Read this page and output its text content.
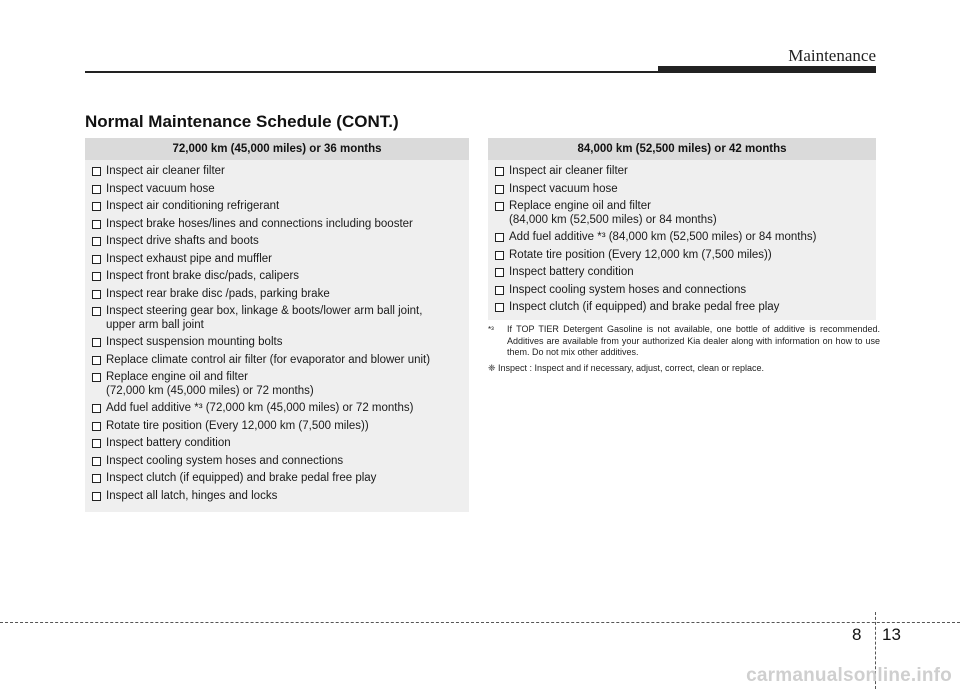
Maintenance
Normal Maintenance Schedule (CONT.)
72,000 km (45,000 miles) or 36 months
Inspect air cleaner filter
Inspect vacuum hose
Inspect air conditioning refrigerant
Inspect brake hoses/lines and connections including booster
Inspect drive shafts and boots
Inspect exhaust pipe and muffler
Inspect front brake disc/pads, calipers
Inspect rear brake disc /pads, parking brake
Inspect steering gear box, linkage & boots/lower arm ball joint,
upper arm ball joint
Inspect suspension mounting bolts
Replace climate control air filter (for evaporator and blower unit)
Replace engine oil and filter
(72,000 km (45,000 miles) or 72 months)
Add fuel additive *³ (72,000 km (45,000 miles) or 72 months)
Rotate tire position (Every 12,000 km (7,500 miles))
Inspect battery condition
Inspect cooling system hoses and connections
Inspect clutch (if equipped) and brake pedal free play
Inspect all latch, hinges and locks
84,000 km (52,500 miles) or 42 months
Inspect air cleaner filter
Inspect vacuum hose
Replace engine oil and filter
(84,000 km (52,500 miles) or 84 months)
Add fuel additive *³ (84,000 km (52,500 miles) or 84 months)
Rotate tire position (Every 12,000 km (7,500 miles))
Inspect battery condition
Inspect cooling system hoses and connections
Inspect clutch (if equipped) and brake pedal free play
*³	If TOP TIER Detergent Gasoline is not available, one bottle of additive is recommended. Additives are available from your authorized Kia dealer along with information on how to use them. Do not mix other additives.
❈ Inspect : Inspect and if necessary, adjust, correct, clean or replace.
8 13
carmanualsonline.info
